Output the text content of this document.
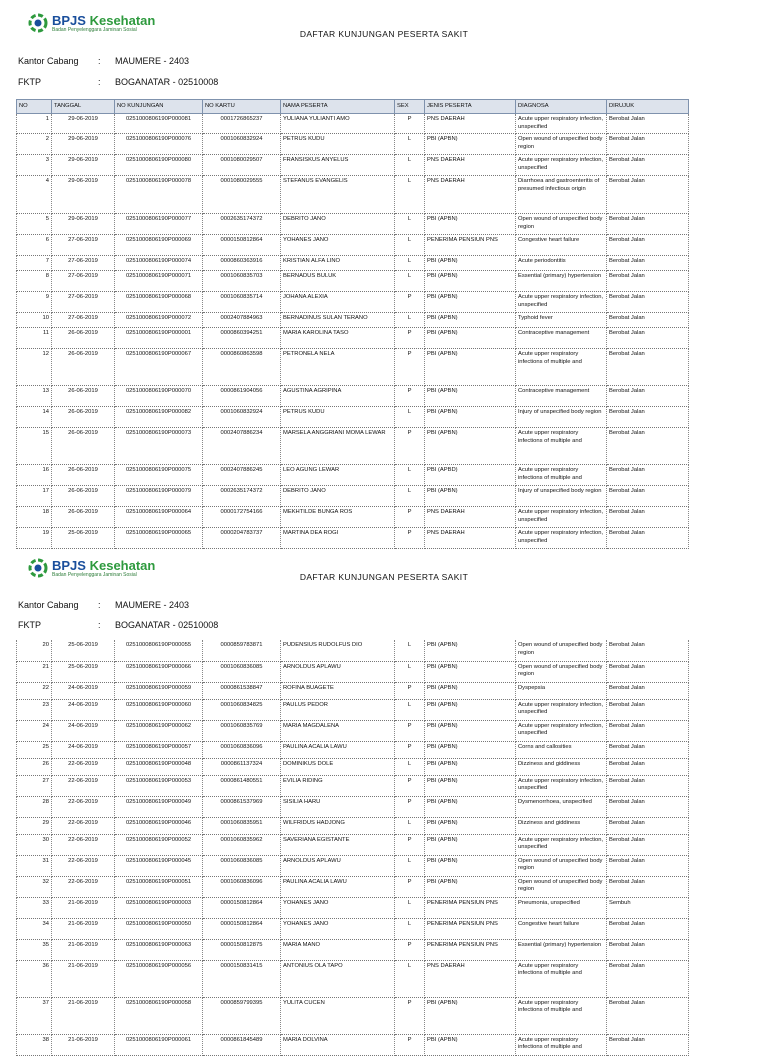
BPJS Kesehatan
Badan Penyelenggara Jaminan Sosial	DAFTAR KUNJUNGAN PESERTA SAKIT
Kantor Cabang : MAUMERE - 2403
FKTP	: BOGANATAR - 02510008
NO	TANGGAL	NO KUNJUNGAN	NO KARTU	NAMA PESERTA	SEX	JENIS PESERTA	DIAGNOSA	DIRUJUK
1	29-06-2019	0251000806190P000081	0001726865237	YULIANA YULIANTI AMO	P	PNS DAERAH	Acute upper respiratory infection, unspecified	Berobat Jalan
2	29-06-2019	0251000806190P000076	0001060832924	PETRUS KUDU	L	PBI (APBN)	Open wound of unspecified body region	Berobat Jalan
3	29-06-2019	0251000806190P000080	0001080029507	FRANSISKUS ANYELUS	L	PNS DAERAH	Acute upper respiratory infection, unspecified	Berobat Jalan
4	29-06-2019	0251000806190P000078	0001080029555	STEFANUS EVANGELIS	L	PNS DAERAH	Diarrhoea and gastroenteritis of presumed infectious origin	Berobat Jalan
5	29-06-2019	0251000806190P000077	0002635174372	DEBRITO JANO	L	PBI (APBN)	Open wound of unspecified body region	Berobat Jalan
6	27-06-2019	0251000806190P000069	0000150812864	YOHANES JANO	L	PENERIMA PENSIUN PNS	Congestive heart failure	Berobat Jalan
7	27-06-2019	0251000806190P000074	0000860363916	KRISTIAN ALFA LINO	L	PBI (APBN)	Acute periodontitis	Berobat Jalan
8	27-06-2019	0251000806190P000071	0001060835703	BERNADUS BULUK	L	PBI (APBN)	Essential (primary) hypertension	Berobat Jalan
9	27-06-2019	0251000806190P000068	0001060835714	JOHANA ALEXIA	P	PBI (APBN)	Acute upper respiratory infection, unspecified	Berobat Jalan
10	27-06-2019	0251000806190P000072	0002407884963	BERNADINUS SULAN TERANO	L	PBI (APBN)	Typhoid fever	Berobat Jalan
11	26-06-2019	0251000806190P000001	0000860394251	MARIA KAROLINA TASO	P	PBI (APBN)	Contraceptive management	Berobat Jalan
12	26-06-2019	0251000806190P000067	0000860863598	PETRONELA NELA	P	PBI (APBN)	Acute upper respiratory infections of multiple and	Berobat Jalan
13	26-06-2019	0251000806190P000070	0000861904056	AGUSTINA AGRIPINA	P	PBI (APBN)	Contraceptive management	Berobat Jalan
14	26-06-2019	0251000806190P000082	0001060832924	PETRUS KUDU	L	PBI (APBN)	Injury of unspecified body region	Berobat Jalan
15	26-06-2019	0251000806190P000073	0002407886234	MARSELA ANGGRIANI MOMA LEWAR	P	PBI (APBN)	Acute upper respiratory infections of multiple and	Berobat Jalan
16	26-06-2019	0251000806190P000075	0002407886245	LEO AGUNG LEWAR	L	PBI (APBD)	Acute upper respiratory infections of multiple and	Berobat Jalan
17	26-06-2019	0251000806190P000079	0002635174372	DEBRITO JANO	L	PBI (APBN)	Injury of unspecified body region	Berobat Jalan
18	26-06-2019	0251000806190P000064	0000172754166	MEKHTILDE BUNGA ROS	P	PNS DAERAH	Acute upper respiratory infection, unspecified	Berobat Jalan
19	25-06-2019	0251000806190P000065	0000204783737	MARTINA DEA ROGI	P	PNS DAERAH	Acute upper respiratory infection, unspecified	Berobat Jalan
BPJS Kesehatan
Badan Penyelenggara Jaminan Sosial	DAFTAR KUNJUNGAN PESERTA SAKIT
Kantor Cabang : MAUMERE - 2403
FKTP	: BOGANATAR - 02510008
20	25-06-2019	0251000806190P000055	0000859783871	PUDENSIUS RUDOLFUS DIO	L	PBI (APBN)	Open wound of unspecified body region	Berobat Jalan
21	25-06-2019	0251000806190P000066	0001060836085	ARNOLDUS APLAWU	L	PBI (APBN)	Open wound of unspecified body region	Berobat Jalan
22	24-06-2019	0251000806190P000059	0000861538847	ROFINA BUAGETE	P	PBI (APBN)	Dyspepsia	Berobat Jalan
23	24-06-2019	0251000806190P000060	0001060834825	PAULUS PEDOR	L	PBI (APBN)	Acute upper respiratory infection, unspecified	Berobat Jalan
24	24-06-2019	0251000806190P000062	0001060835769	MARIA MAGDALENA	P	PBI (APBN)	Acute upper respiratory infection, unspecified	Berobat Jalan
25	24-06-2019	0251000806190P000057	0001060836096	PAULINA ACALIA LAWU	P	PBI (APBN)	Corns and callosities	Berobat Jalan
26	22-06-2019	0251000806190P000048	0000861137324	DOMINIKUS DOLE	L	PBI (APBN)	Dizziness and giddiness	Berobat Jalan
27	22-06-2019	0251000806190P000053	0000861480551	EVILIA RIDING	P	PBI (APBN)	Acute upper respiratory infection, unspecified	Berobat Jalan
28	22-06-2019	0251000806190P000049	0000861537969	SISILIA HARU	P	PBI (APBN)	Dysmenorrhoea, unspecified	Berobat Jalan
29	22-06-2019	0251000806190P000046	0001060835951	WILFRIDUS HADJONG	L	PBI (APBN)	Dizziness and giddiness	Berobat Jalan
30	22-06-2019	0251000806190P000052	0001060835962	SAVERIANA EGISTANTE	P	PBI (APBN)	Acute upper respiratory infection, unspecified	Berobat Jalan
31	22-06-2019	0251000806190P000045	0001060836085	ARNOLDUS APLAWU	L	PBI (APBN)	Open wound of unspecified body region	Berobat Jalan
32	22-06-2019	0251000806190P000051	0001060836096	PAULINA ACALIA LAWU	P	PBI (APBN)	Open wound of unspecified body region	Berobat Jalan
33	21-06-2019	0251000806190P000003	0000150812864	YOHANES JANO	L	PENERIMA PENSIUN PNS	Pneumonia, unspecified	Sembuh
34	21-06-2019	0251000806190P000050	0000150812864	YOHANES JANO	L	PENERIMA PENSIUN PNS	Congestive heart failure	Berobat Jalan
35	21-06-2019	0251000806190P000063	0000150812875	MARIA MANO	P	PENERIMA PENSIUN PNS	Essential (primary) hypertension	Berobat Jalan
36	21-06-2019	0251000806190P000056	0000150831415	ANTONIUS OLA TAPO	L	PNS DAERAH	Acute upper respiratory infections of multiple and	Berobat Jalan
37	21-06-2019	0251000806190P000058	0000859799395	YULITA CUCEN	P	PBI (APBN)	Acute upper respiratory infections of multiple and	Berobat Jalan
38	21-06-2019	0251000806190P000061	0000861845489	MARIA DOLVINA	P	PBI (APBN)	Acute upper respiratory infections of multiple and	Berobat Jalan
